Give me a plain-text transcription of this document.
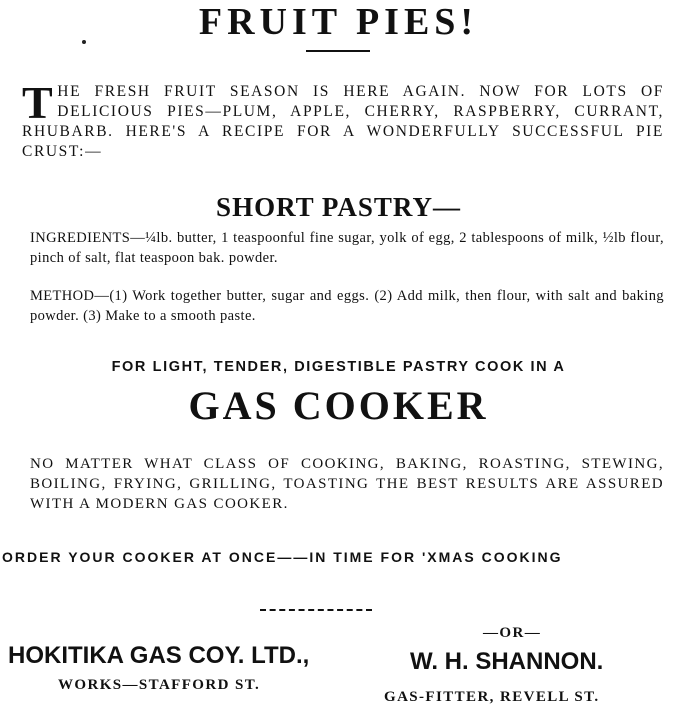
FRUIT PIES!
T HE FRESH FRUIT SEASON IS HERE AGAIN. NOW FOR LOTS OF DELICIOUS PIES—PLUM, APPLE, CHERRY, RASPBERRY, CURRANT, RHUBARB. HERE'S A RECIPE FOR A WONDERFULLY SUCCESSFUL PIE CRUST:—
SHORT PASTRY—
INGREDIENTS—¼lb. butter, 1 teaspoonful fine sugar, yolk of egg, 2 tablespoons of milk, ½lb flour, pinch of salt, flat teaspoon bak. powder.
METHOD—(1) Work together butter, sugar and eggs. (2) Add milk, then flour, with salt and baking powder. (3) Make to a smooth paste.
FOR LIGHT, TENDER, DIGESTIBLE PASTRY COOK IN A
GAS COOKER
NO MATTER WHAT CLASS OF COOKING, BAKING, ROASTING, STEWING, BOILING, FRYING, GRILLING, TOASTING THE BEST RESULTS ARE ASSURED WITH A MODERN GAS COOKER.
ORDER YOUR COOKER AT ONCE——IN TIME FOR 'XMAS COOKING
HOKITIKA GAS COY. LTD.,
WORKS—STAFFORD ST.
—OR—
W. H. SHANNON.
GAS-FITTER, REVELL ST.
